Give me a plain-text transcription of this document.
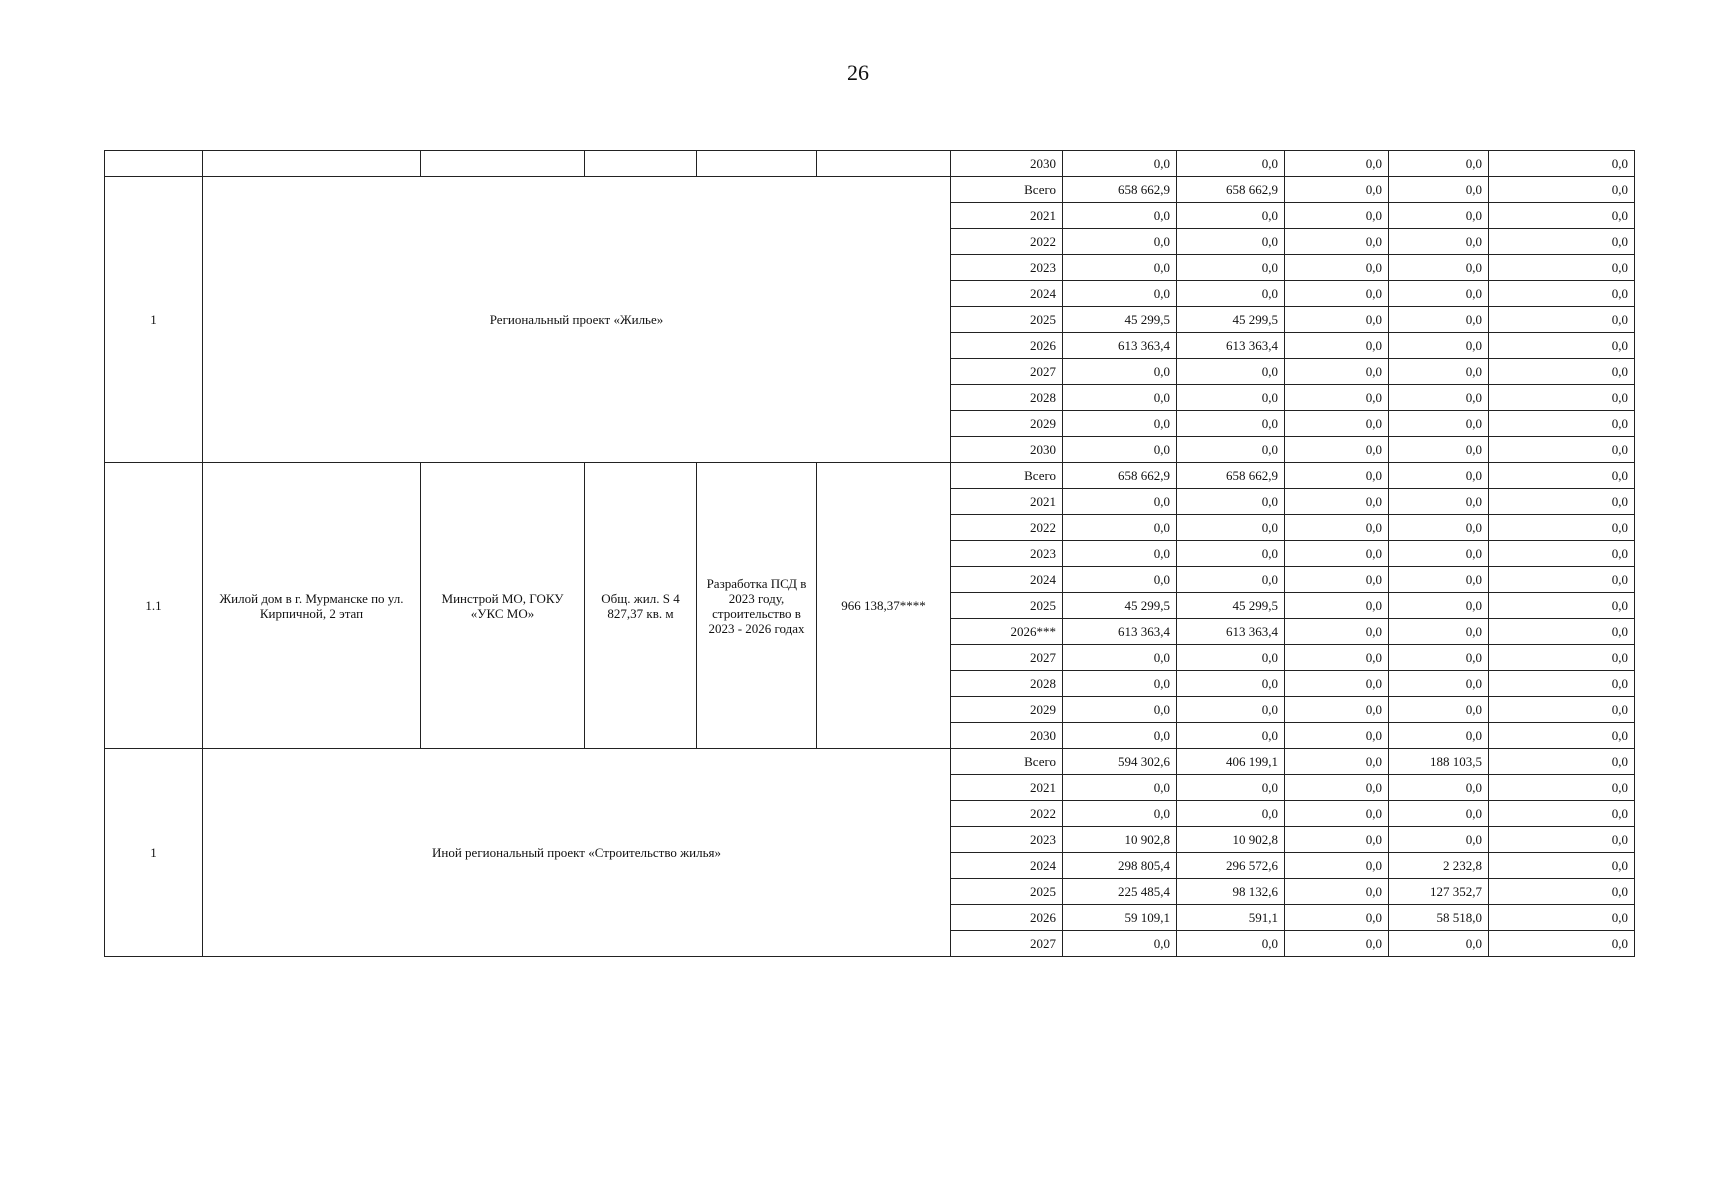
26
						2030	0,0	0,0	0,0	0,0	0,0
1	Региональный проект «Жилье»					Всего	658 662,9	658 662,9	0,0	0,0	0,0
						2021	0,0	0,0	0,0	0,0	0,0
						2022	0,0	0,0	0,0	0,0	0,0
						2023	0,0	0,0	0,0	0,0	0,0
						2024	0,0	0,0	0,0	0,0	0,0
						2025	45 299,5	45 299,5	0,0	0,0	0,0
						2026	613 363,4	613 363,4	0,0	0,0	0,0
						2027	0,0	0,0	0,0	0,0	0,0
						2028	0,0	0,0	0,0	0,0	0,0
						2029	0,0	0,0	0,0	0,0	0,0
						2030	0,0	0,0	0,0	0,0	0,0
1.1	Жилой дом в г. Мурманске по ул. Кирпичной, 2 этап	Минстрой МО, ГОКУ «УКС МО»	Общ. жил. S 4 827,37 кв. м	Разработка ПСД в 2023 году, строительство в 2023 - 2026 годах	966 138,37****	Всего	658 662,9	658 662,9	0,0	0,0	0,0
						2021	0,0	0,0	0,0	0,0	0,0
						2022	0,0	0,0	0,0	0,0	0,0
						2023	0,0	0,0	0,0	0,0	0,0
						2024	0,0	0,0	0,0	0,0	0,0
						2025	45 299,5	45 299,5	0,0	0,0	0,0
						2026***	613 363,4	613 363,4	0,0	0,0	0,0
						2027	0,0	0,0	0,0	0,0	0,0
						2028	0,0	0,0	0,0	0,0	0,0
						2029	0,0	0,0	0,0	0,0	0,0
						2030	0,0	0,0	0,0	0,0	0,0
1	Иной региональный проект «Строительство жилья»					Всего	594 302,6	406 199,1	0,0	188 103,5	0,0
						2021	0,0	0,0	0,0	0,0	0,0
						2022	0,0	0,0	0,0	0,0	0,0
						2023	10 902,8	10 902,8	0,0	0,0	0,0
						2024	298 805,4	296 572,6	0,0	2 232,8	0,0
						2025	225 485,4	98 132,6	0,0	127 352,7	0,0
						2026	59 109,1	591,1	0,0	58 518,0	0,0
						2027	0,0	0,0	0,0	0,0	0,0
